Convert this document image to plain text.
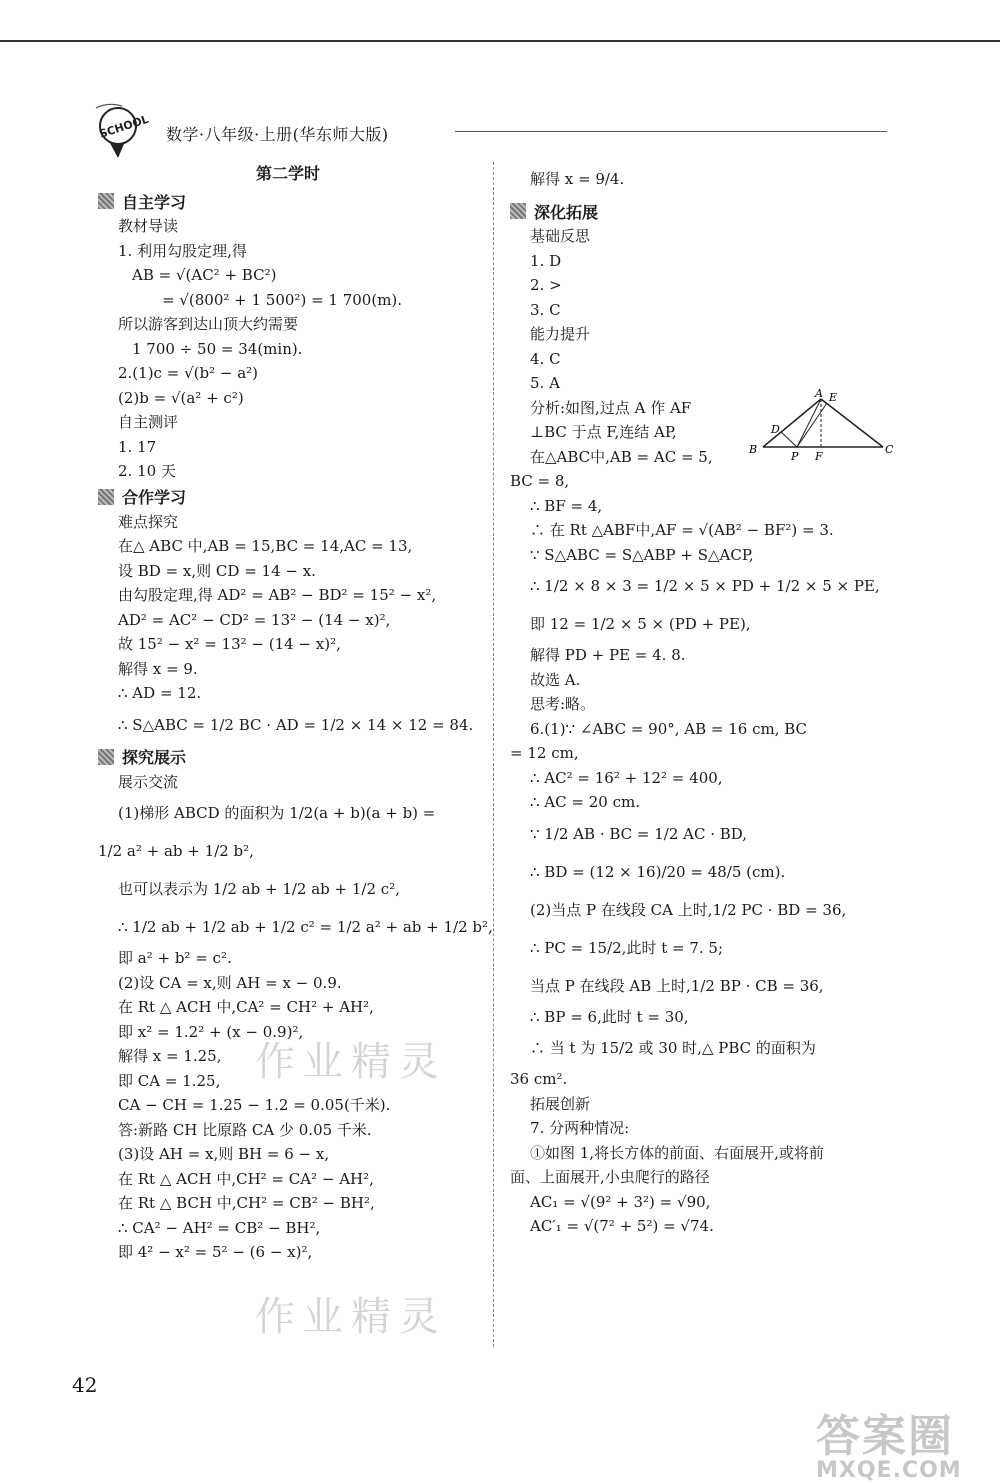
SCHOOL 数学·八年级·上册(华东师大版)
第二学时
自主学习
教材导读
1. 利用勾股定理,得
AB = √(AC² + BC²)
= √(800² + 1 500²) = 1 700(m).
所以游客到达山顶大约需要
1 700 ÷ 50 = 34(min).
2.(1)c = √(b² − a²)
(2)b = √(a² + c²)
自主测评
1. 17
2. 10 天
合作学习
难点探究
在△ ABC 中,AB = 15,BC = 14,AC = 13,
设 BD = x,则 CD = 14 − x.
由勾股定理,得 AD² = AB² − BD² = 15² − x²,
AD² = AC² − CD² = 13² − (14 − x)²,
故 15² − x² = 13² − (14 − x)²,
解得 x = 9.
∴ AD = 12.
∴ S△ABC = 1/2 BC · AD = 1/2 × 14 × 12 = 84.
探究展示
展示交流
(1)梯形 ABCD 的面积为 1/2(a + b)(a + b) =
1/2 a² + ab + 1/2 b²,
也可以表示为 1/2 ab + 1/2 ab + 1/2 c²,
∴ 1/2 ab + 1/2 ab + 1/2 c² = 1/2 a² + ab + 1/2 b²,
即 a² + b² = c².
(2)设 CA = x,则 AH = x − 0.9.
在 Rt △ ACH 中,CA² = CH² + AH²,
即 x² = 1.2² + (x − 0.9)²,
解得 x = 1.25,
即 CA = 1.25,
CA − CH = 1.25 − 1.2 = 0.05(千米).
答:新路 CH 比原路 CA 少 0.05 千米.
(3)设 AH = x,则 BH = 6 − x,
在 Rt △ ACH 中,CH² = CA² − AH²,
在 Rt △ BCH 中,CH² = CB² − BH²,
∴ CA² − AH² = CB² − BH²,
即 4² − x² = 5² − (6 − x)²,
解得 x = 9/4.
深化拓展
基础反思
1. D
2. >
3. C
能力提升
4. C
5. A
分析:如图,过点 A 作 AF
⊥BC 于点 F,连结 AP,
在△ABC中,AB = AC = 5,
BC = 8,
∴ BF = 4,
∴ 在 Rt △ABF中,AF = √(AB² − BF²) = 3.
∵ S△ABC = S△ABP + S△ACP,
∴ 1/2 × 8 × 3 = 1/2 × 5 × PD + 1/2 × 5 × PE,
即 12 = 1/2 × 5 × (PD + PE),
解得 PD + PE = 4. 8.
故选 A.
思考:略。
6.(1)∵ ∠ABC = 90°, AB = 16 cm, BC
= 12 cm,
∴ AC² = 16² + 12² = 400,
∴ AC = 20 cm.
∵ 1/2 AB · BC = 1/2 AC · BD,
∴ BD = (12 × 16)/20 = 48/5 (cm).
(2)当点 P 在线段 CA 上时,1/2 PC · BD = 36,
∴ PC = 15/2,此时 t = 7. 5;
当点 P 在线段 AB 上时,1/2 BP · CB = 36,
∴ BP = 6,此时 t = 30,
∴ 当 t 为 15/2 或 30 时,△ PBC 的面积为
36 cm².
拓展创新
7. 分两种情况:
①如图 1,将长方体的前面、右面展开,或将前
面、上面展开,小虫爬行的路径
AC₁ = √(9² + 3²) = √90,
AC′₁ = √(7² + 5²) = √74.
A E
D
B
P F
C
作业精灵
作业精灵
42
答案圈
MXQE.COM
